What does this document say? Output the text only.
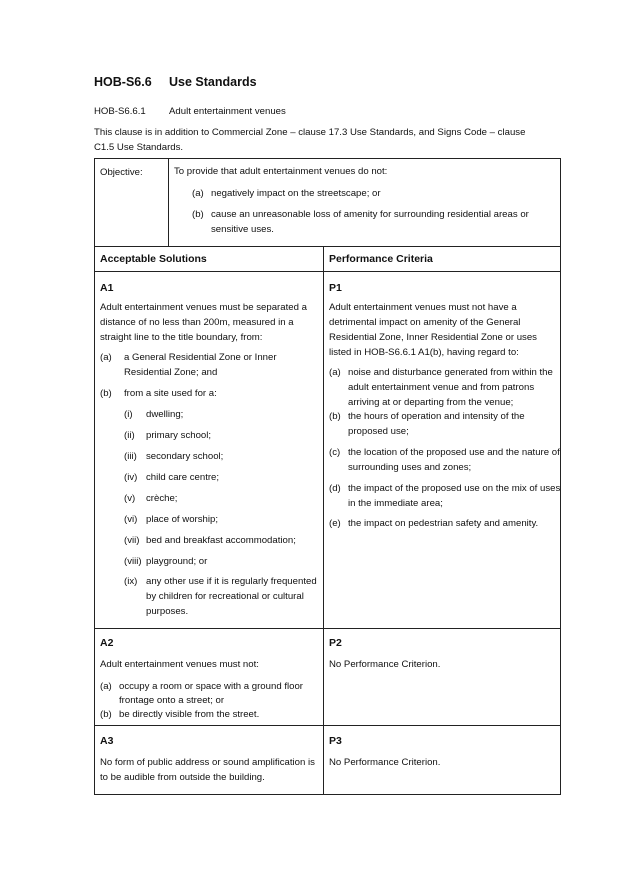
HOB-S6.6 Use Standards
HOB-S6.6.1 Adult entertainment venues
This clause is in addition to Commercial Zone – clause 17.3 Use Standards, and Signs Code – clause
C1.5 Use Standards.
Objective:	To provide that adult entertainment venues do not:
(a) negatively impact on the streetscape; or
(b) cause an unreasonable loss of amenity for surrounding residential areas or
sensitive uses.
Acceptable Solutions	Performance Criteria
A1
Adult entertainment venues must be separated a
distance of no less than 200m, measured in a
straight line to the title boundary, from:
(a) a General Residential Zone or Inner
Residential Zone; and
(b) from a site used for a:
(i) dwelling;
(ii) primary school;
(iii) secondary school;
(iv) child care centre;
(v) crèche;
(vi) place of worship;
(vii) bed and breakfast accommodation;
(viii) playground; or
(ix) any other use if it is regularly frequented
by children for recreational or cultural
purposes.
P1
Adult entertainment venues must not have a
detrimental impact on amenity of the General
Residential Zone, Inner Residential Zone or uses
listed in HOB-S6.6.1 A1(b), having regard to:
(a) noise and disturbance generated from within the
adult entertainment venue and from patrons
arriving at or departing from the venue;
(b) the hours of operation and intensity of the
proposed use;
(c) the location of the proposed use and the nature of
surrounding uses and zones;
(d) the impact of the proposed use on the mix of uses
in the immediate area;
(e) the impact on pedestrian safety and amenity.
A2
Adult entertainment venues must not:
(a) occupy a room or space with a ground floor
frontage onto a street; or
(b) be directly visible from the street.
P2
No Performance Criterion.
A3
No form of public address or sound amplification is
to be audible from outside the building.
P3
No Performance Criterion.
